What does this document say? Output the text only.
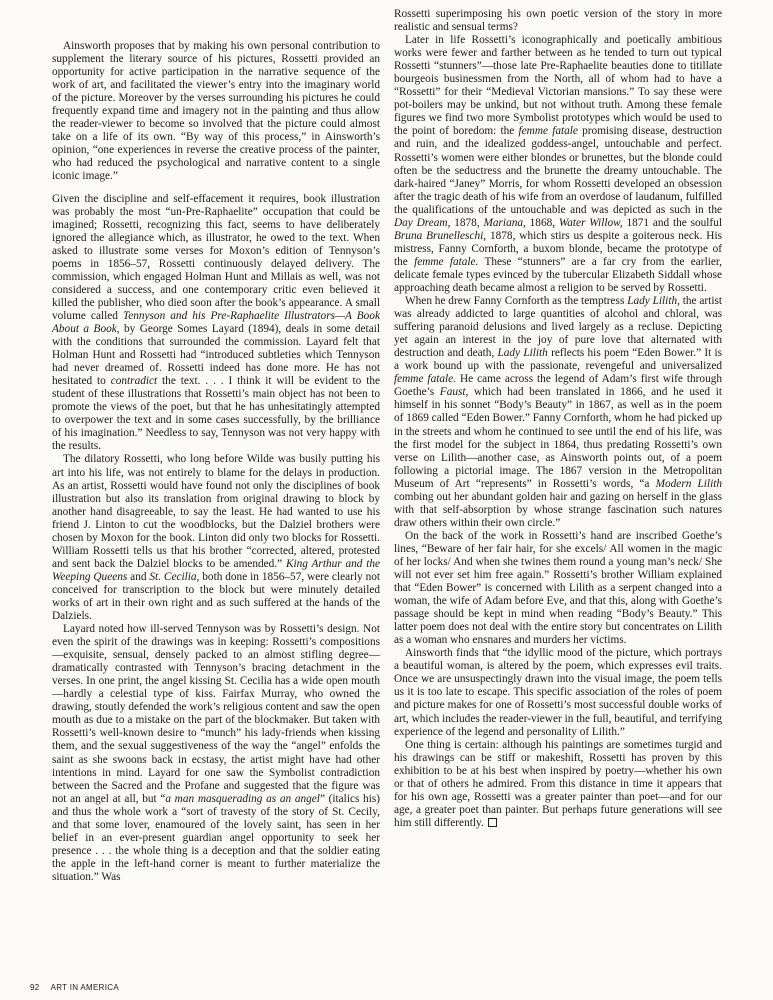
Ainsworth proposes that by making his own personal contribution to supplement the literary source of his pictures, Rossetti provided an opportunity for active participation in the narrative sequence of the work of art, and facilitated the viewer’s entry into the imaginary world of the picture. Moreover by the verses surrounding his pictures he could frequently expand time and imagery not in the painting and thus allow the reader-viewer to become so involved that the picture could almost take on a life of its own. “By way of this process,” in Ainsworth’s opinion, “one experiences in reverse the creative process of the painter, who had reduced the psychological and narrative content to a single iconic image.”

Given the discipline and self-effacement it requires, book illustration was probably the most “un-Pre-Raphaelite” occupation that could be imagined; Rossetti, recognizing this fact, seems to have deliberately ignored the allegiance which, as illustrator, he owed to the text. When asked to illustrate some verses for Moxon’s edition of Tennyson’s poems in 1856–57, Rossetti continuously delayed delivery. The commission, which engaged Holman Hunt and Millais as well, was not considered a success, and one contemporary critic even believed it killed the publisher, who died soon after the book’s appearance. A small volume called Tennyson and his Pre-Raphaelite Illustrators—A Book About a Book, by George Somes Layard (1894), deals in some detail with the conditions that surrounded the commission. Layard felt that Holman Hunt and Rossetti had “introduced subtleties which Tennyson had never dreamed of. Rossetti indeed has done more. He has not hesitated to contradict the text. . . . I think it will be evident to the student of these illustrations that Rossetti’s main object has not been to promote the views of the poet, but that he has unhesitatingly attempted to overpower the text and in some cases successfully, by the brilliance of his imagination.” Needless to say, Tennyson was not very happy with the results.

The dilatory Rossetti, who long before Wilde was busily putting his art into his life, was not entirely to blame for the delays in production. As an artist, Rossetti would have found not only the disciplines of book illustration but also its translation from original drawing to block by another hand disagreeable, to say the least. He had wanted to use his friend J. Linton to cut the woodblocks, but the Dalziel brothers were chosen by Moxon for the book. Linton did only two blocks for Rossetti. William Rossetti tells us that his brother “corrected, altered, protested and sent back the Dalziel blocks to be amended.” King Arthur and the Weeping Queens and St. Cecilia, both done in 1856–57, were clearly not conceived for transcription to the block but were minutely detailed works of art in their own right and as such suffered at the hands of the Dalziels.

Layard noted how ill-served Tennyson was by Rossetti’s design. Not even the spirit of the drawings was in keeping: Rossetti’s compositions—exquisite, sensual, densely packed to an almost stifling degree—dramatically contrasted with Tennyson’s bracing detachment in the verses. In one print, the angel kissing St. Cecilia has a wide open mouth—hardly a celestial type of kiss. Fairfax Murray, who owned the drawing, stoutly defended the work’s religious content and saw the open mouth as due to a mistake on the part of the blockmaker. But taken with Rossetti’s well-known desire to “munch” his lady-friends when kissing them, and the sexual suggestiveness of the way the “angel” enfolds the saint as she swoons back in ecstasy, the artist might have had other intentions in mind. Layard for one saw the Symbolist contradiction between the Sacred and the Profane and suggested that the figure was not an angel at all, but “a man masquerading as an angel” (italics his) and thus the whole work a “sort of travesty of the story of St. Cecily, and that some lover, enamoured of the lovely saint, has seen in her belief in an ever-present guardian angel opportunity to seek her presence . . . the whole thing is a deception and that the soldier eating the apple in the left-hand corner is meant to further materialize the situation.” Was

Rossetti superimposing his own poetic version of the story in more realistic and sensual terms?

Later in life Rossetti’s iconographically and poetically ambitious works were fewer and farther between as he tended to turn out typical Rossetti “stunners”—those late Pre-Raphaelite beauties done to titillate bourgeois businessmen from the North, all of whom had to have a “Rossetti” for their “Medieval Victorian mansions.” To say these were pot-boilers may be unkind, but not without truth. Among these female figures we find two more Symbolist prototypes which would be used to the point of boredom: the femme fatale promising disease, destruction and ruin, and the idealized goddess-angel, untouchable and perfect. Rossetti’s women were either blondes or brunettes, but the blonde could often be the seductress and the brunette the dreamy untouchable. The dark-haired “Janey” Morris, for whom Rossetti developed an obsession after the tragic death of his wife from an overdose of laudanum, fulfilled the qualifications of the untouchable and was depicted as such in the Day Dream, 1878, Mariana, 1868, Water Willow, 1871 and the soulful Bruna Brunelleschi, 1878, which stirs us despite a goiterous neck. His mistress, Fanny Cornforth, a buxom blonde, became the prototype of the femme fatale. These “stunners” are a far cry from the earlier, delicate female types evinced by the tubercular Elizabeth Siddall whose approaching death became almost a religion to be served by Rossetti.

When he drew Fanny Cornforth as the temptress Lady Lilith, the artist was already addicted to large quantities of alcohol and chloral, was suffering paranoid delusions and lived largely as a recluse. Depicting yet again an interest in the joy of pure love that alternated with destruction and death, Lady Lilith reflects his poem “Eden Bower.” It is a work bound up with the passionate, revengeful and universalized femme fatale. He came across the legend of Adam’s first wife through Goethe’s Faust, which had been translated in 1866, and he used it himself in his sonnet “Body’s Beauty” in 1867, as well as in the poem of 1869 called “Eden Bower.” Fanny Cornforth, whom he had picked up in the streets and whom he continued to see until the end of his life, was the first model for the subject in 1864, thus predating Rossetti’s own verse on Lilith—another case, as Ainsworth points out, of a poem following a pictorial image. The 1867 version in the Metropolitan Museum of Art “represents” in Rossetti’s words, “a Modern Lilith combing out her abundant golden hair and gazing on herself in the glass with that self-absorption by whose strange fascination such natures draw others within their own circle.”

On the back of the work in Rossetti’s hand are inscribed Goethe’s lines, “Beware of her fair hair, for she excels/ All women in the magic of her locks/ And when she twines them round a young man’s neck/ She will not ever set him free again.” Rossetti’s brother William explained that “Eden Bower” is concerned with Lilith as a serpent changed into a woman, the wife of Adam before Eve, and that this, along with Goethe’s passage should be kept in mind when reading “Body’s Beauty.” This latter poem does not deal with the entire story but concentrates on Lilith as a woman who ensnares and murders her victims.

Ainsworth finds that “the idyllic mood of the picture, which portrays a beautiful woman, is altered by the poem, which expresses evil traits. Once we are unsuspectingly drawn into the visual image, the poem tells us it is too late to escape. This specific association of the roles of poem and picture makes for one of Rossetti’s most successful double works of art, which includes the reader-viewer in the full, beautiful, and terrifying experience of the legend and personality of Lilith.”

One thing is certain: although his paintings are sometimes turgid and his drawings can be stiff or makeshift, Rossetti has proven by this exhibition to be at his best when inspired by poetry—whether his own or that of others he admired. From this distance in time it appears that for his own age, Rossetti was a greater painter than poet—and for our age, a greater poet than painter. But perhaps future generations will see him still differently.

92 ART IN AMERICA
